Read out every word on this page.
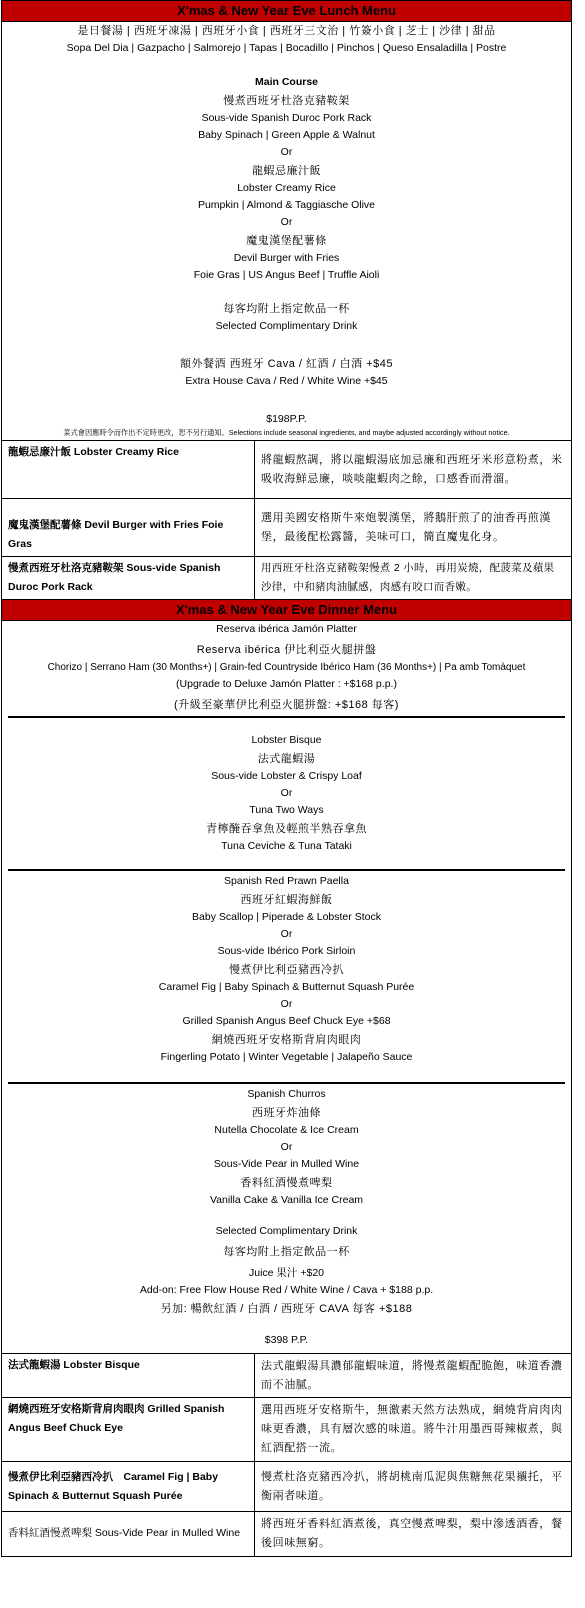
X'mas & New Year Eve Lunch Menu
是日餐湯 | 西班牙凍湯 | 西班牙小食 | 西班牙三文治 | 竹簽小食 | 芝士 | 沙律 | 甜品
Sopa Del Dia | Gazpacho | Salmorejo | Tapas | Bocadillo | Pinchos | Queso Ensaladilla | Postre
Main Course
慢煮西班牙杜洛克豬鞍架
Sous-vide Spanish Duroc Pork Rack
Baby Spinach | Green Apple & Walnut
Or
龍蝦忌廉汁飯
Lobster Creamy Rice
Pumpkin | Almond & Taggiasche Olive
Or
魔鬼漢堡配薯條
Devil Burger with Fries
Foie Gras | US Angus Beef | Truffle Aioli
每客均附上指定飲品一杯
Selected Complimentary Drink
額外餐酒 西班牙 Cava / 紅酒 / 白酒 +$45
Extra House Cava / Red / White Wine +$45
$198P.P.
菜式會因應時令而作出不定時更改，恕不另行通知。Selections include seasonal ingredients, and maybe adjusted accordingly without notice.
龍蝦忌廉汁飯 Lobster Creamy Rice	將龍蝦熬調，將以龍蝦湯底加忌廉和西班牙米形意粉煮，米吸收海鮮忌廉，啖啖龍蝦肉之餘，口感香而滑溜。
魔鬼漢堡配薯條 Devil Burger with Fries Foie Gras	選用美國安格斯牛來炮製漢堡，將鵝肝煎了的油香再煎漢堡，最後配松露醬，美味可口，簡直魔鬼化身。
慢煮西班牙杜洛克豬鞍架 Sous-vide Spanish Duroc Pork Rack	用西班牙杜洛克豬鞍架慢煮 2 小時，再用炭燒，配菠菜及蘋果沙律，中和豬肉油膩感，肉感有咬口而香嫩。
X'mas & New Year Eve Dinner Menu
Reserva ibérica Jamón Platter
Reserva ibérica 伊比利亞火腿拼盤
Chorizo | Serrano Ham (30 Months+) | Grain-fed Countryside Ibérico Ham (36 Months+) | Pa amb Tomàquet
(Upgrade to Deluxe Jamón Platter : +$168 p.p.)
(升級至豪華伊比利亞火腿拼盤: +$168 每客)
Lobster Bisque
法式龍蝦湯
Sous-vide Lobster & Crispy Loaf
Or
Tuna Two Ways
青檸醃吞拿魚及輕煎半熟吞拿魚
Tuna Ceviche & Tuna Tataki
Spanish Red Prawn Paella
西班牙紅蝦海鮮飯
Baby Scallop | Piperade & Lobster Stock
Or
Sous-vide Ibérico Pork Sirloin
慢煮伊比利亞豬西冷扒
Caramel Fig | Baby Spinach & Butternut Squash Purée
Or
Grilled Spanish Angus Beef Chuck Eye +$68
網燒西班牙安格斯背肩肉眼肉
Fingerling Potato | Winter Vegetable | Jalapeño Sauce
Spanish Churros
西班牙炸油條
Nutella Chocolate & Ice Cream
Or
Sous-Vide Pear in Mulled Wine
香料紅酒慢煮啤梨
Vanilla Cake & Vanilla Ice Cream
Selected Complimentary Drink
每客均附上指定飲品一杯
Juice 果汁 +$20
Add-on: Free Flow House Red / White Wine / Cava + $188 p.p.
另加: 暢飲紅酒 / 白酒 / 西班牙 CAVA 每客 +$188
$398 P.P.
法式龍蝦湯 Lobster Bisque	法式龍蝦湯具濃郁龍蝦味道，將慢煮龍蝦配脆飽，味道香濃而不油膩。
網燒西班牙安格斯背肩肉眼肉 Grilled Spanish Angus Beef Chuck Eye	選用西班牙安格斯牛，無激素天然方法熟成，網燒背肩肉肉味更香濃，具有層次感的味道。將牛汁用墨西哥辣椒煮，與紅酒配搭一流。
慢煮伊比利亞豬西冷扒　Caramel Fig | Baby Spinach & Butternut Squash Purée	慢煮杜洛克豬西冷扒，將胡桃南瓜泥與焦糖無花果襯托，平衡兩者味道。
香料紅酒慢煮啤梨 Sous-Vide Pear in Mulled Wine	將西班牙香料紅酒煮後，真空慢煮啤梨，梨中滲透酒香，餐後回味無窮。
